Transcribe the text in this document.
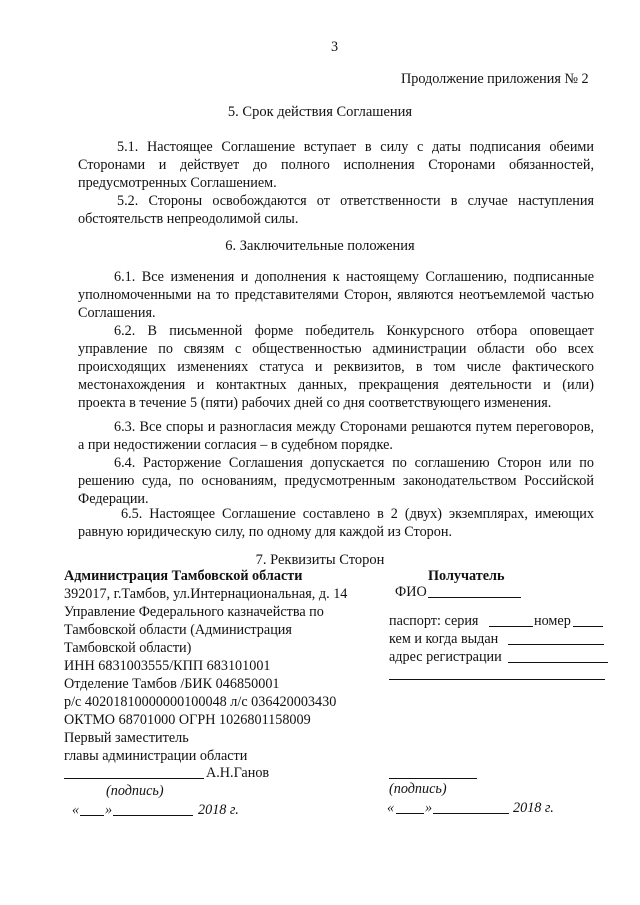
3
Продолжение приложения № 2
5. Срок действия Соглашения
5.1. Настоящее Соглашение вступает в силу с даты подписания обеими
Сторонами и действует до полного исполнения Сторонами обязанностей,
предусмотренных Соглашением.
5.2. Стороны освобождаются от ответственности в случае наступления
обстоятельств непреодолимой силы.
6. Заключительные положения
6.1. Все изменения и дополнения к настоящему Соглашению, подписанные
уполномоченными на то представителями Сторон, являются неотъемлемой частью
Соглашения.
6.2. В письменной форме победитель Конкурсного отбора оповещает
управление по связям с общественностью администрации области обо всех
происходящих изменениях статуса и реквизитов, в том числе фактического
местонахождения и контактных данных, прекращения деятельности и (или)
проекта в течение 5 (пяти) рабочих дней со дня соответствующего изменения.
6.3. Все споры и разногласия между Сторонами решаются путем переговоров,
а при недостижении согласия – в судебном порядке.
6.4. Расторжение Соглашения допускается по соглашению Сторон или по
решению суда, по основаниям, предусмотренным законодательством Российской
Федерации.
6.5. Настоящее Соглашение составлено в 2 (двух) экземплярах, имеющих
равную юридическую силу, по одному для каждой из Сторон.
7. Реквизиты Сторон
Администрация Тамбовской области
392017, г.Тамбов, ул.Интернациональная, д. 14
Управление Федерального казначейства по
Тамбовской области (Администрация
Тамбовской области)
ИНН 6831003555/КПП 683101001
Отделение Тамбов /БИК 046850001
р/с 40201810000000100048 л/с 036420003430
ОКТМО 68701000 ОГРН 1026801158009
Первый заместитель
главы администрации области
А.Н.Ганов
(подпись)
« »	2018 г.
Получатель
ФИО
паспорт: серия	номер
кем и когда выдан
адрес регистрации
(подпись)
« »	2018 г.
